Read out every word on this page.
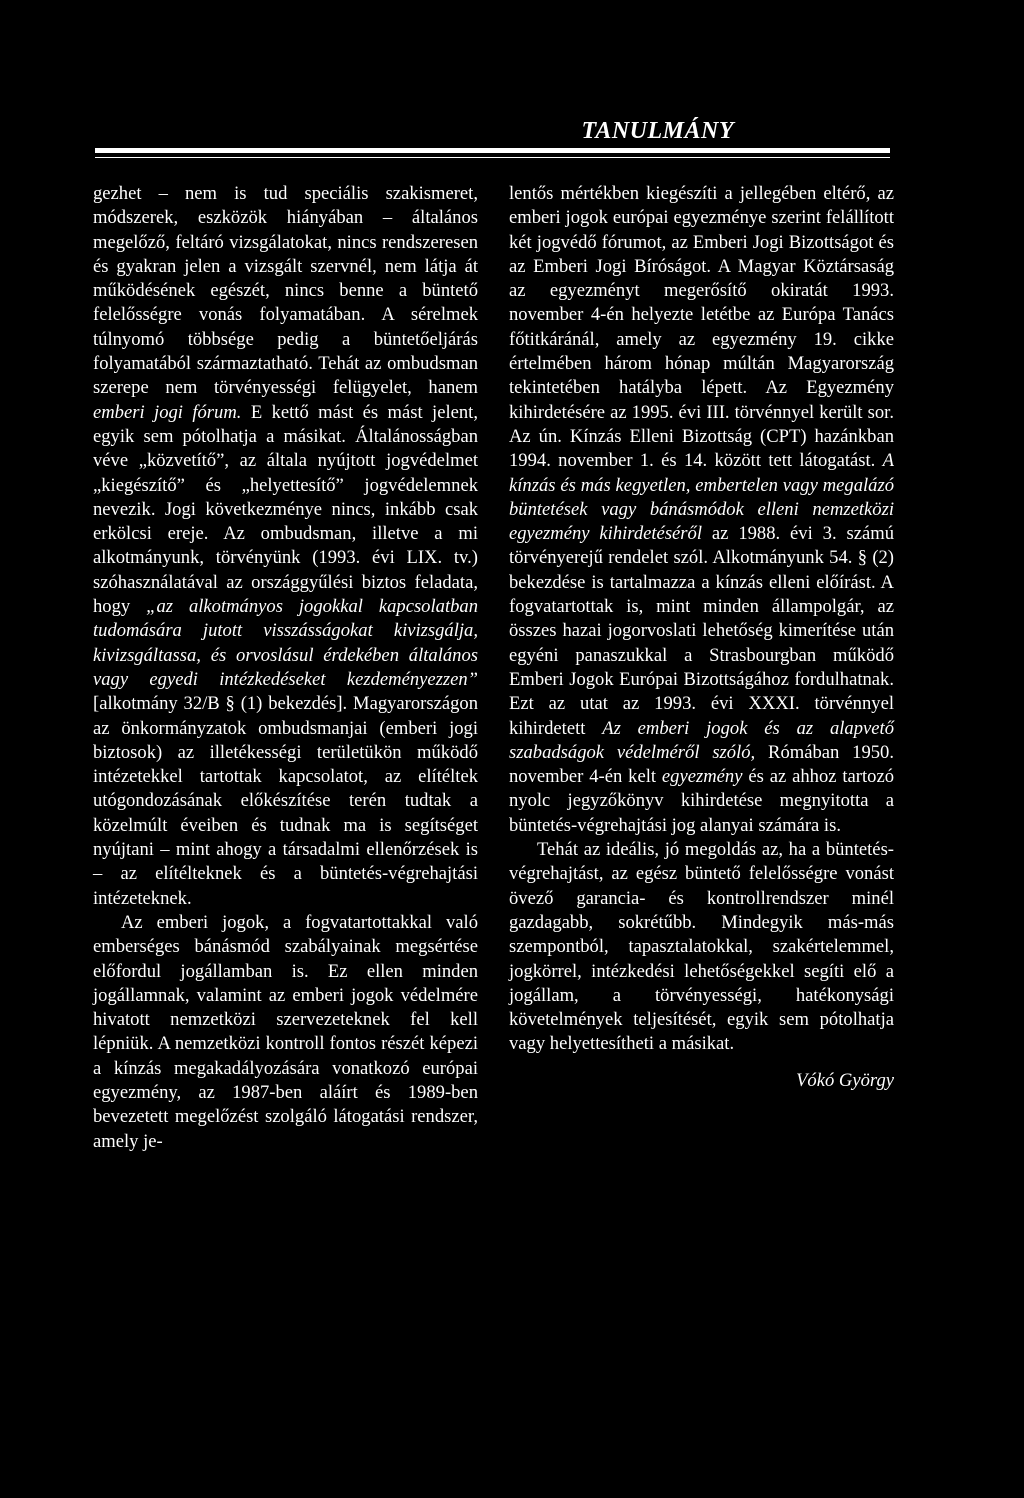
TANULMÁNY

gezhet – nem is tud speciális szakismeret, módszerek, eszközök hiányában – általános megelőző, feltáró vizsgálatokat, nincs rendszeresen és gyakran jelen a vizsgált szervnél, nem látja át működésének egészét, nincs benne a büntető felelősségre vonás folyamatában. A sérelmek túlnyomó többsége pedig a büntetőeljárás folyamatából származtatható. Tehát az ombudsman szerepe nem törvényességi felügyelet, hanem emberi jogi fórum. E kettő mást és mást jelent, egyik sem pótolhatja a másikat. Általánosságban véve „közvetítő”, az általa nyújtott jogvédelmet „kiegészítő” és „helyettesítő” jogvédelemnek nevezik. Jogi következménye nincs, inkább csak erkölcsi ereje. Az ombudsman, illetve a mi alkotmányunk, törvényünk (1993. évi LIX. tv.) szóhasználatával az országgyűlési biztos feladata, hogy „az alkotmányos jogokkal kapcsolatban tudomására jutott visszásságokat kivizsgálja, kivizsgáltassa, és orvoslásul érdekében általános vagy egyedi intézkedéseket kezdeményezzen” [alkotmány 32/B § (1) bekezdés]. Magyarországon az önkormányzatok ombudsmanjai (emberi jogi biztosok) az illetékességi területükön működő intézetekkel tartottak kapcsolatot, az elítéltek utógondozásának előkészítése terén tudtak a közelmúlt éveiben és tudnak ma is segítséget nyújtani – mint ahogy a társadalmi ellenőrzések is – az elítélteknek és a büntetés-végrehajtási intézeteknek.

Az emberi jogok, a fogvatartottakkal való emberséges bánásmód szabályainak megsértése előfordul jogállamban is. Ez ellen minden jogállamnak, valamint az emberi jogok védelmére hivatott nemzetközi szervezeteknek fel kell lépniük. A nemzetközi kontroll fontos részét képezi a kínzás megakadályozására vonatkozó európai egyezmény, az 1987-ben aláírt és 1989-ben bevezetett megelőzést szolgáló látogatási rendszer, amely je-

lentős mértékben kiegészíti a jellegében eltérő, az emberi jogok európai egyezménye szerint felállított két jogvédő fórumot, az Emberi Jogi Bizottságot és az Emberi Jogi Bíróságot. A Magyar Köztársaság az egyezményt megerősítő okiratát 1993. november 4-én helyezte letétbe az Európa Tanács főtitkáránál, amely az egyezmény 19. cikke értelmében három hónap múltán Magyarország tekintetében hatályba lépett. Az Egyezmény kihirdetésére az 1995. évi III. törvénnyel került sor. Az ún. Kínzás Elleni Bizottság (CPT) hazánkban 1994. november 1. és 14. között tett látogatást. A kínzás és más kegyetlen, embertelen vagy megalázó büntetések vagy bánásmódok elleni nemzetközi egyezmény kihirdetéséről az 1988. évi 3. számú törvényerejű rendelet szól. Alkotmányunk 54. § (2) bekezdése is tartalmazza a kínzás elleni előírást. A fogvatartottak is, mint minden állampolgár, az összes hazai jogorvoslati lehetőség kimerítése után egyéni panaszukkal a Strasbourgban működő Emberi Jogok Európai Bizottságához fordulhatnak. Ezt az utat az 1993. évi XXXI. törvénnyel kihirdetett Az emberi jogok és az alapvető szabadságok védelméről szóló, Rómában 1950. november 4-én kelt egyezmény és az ahhoz tartozó nyolc jegyzőkönyv kihirdetése megnyitotta a büntetés-végrehajtási jog alanyai számára is.

Tehát az ideális, jó megoldás az, ha a büntetés-végrehajtást, az egész büntető felelősségre vonást övező garancia- és kontrollrendszer minél gazdagabb, sokrétűbb. Mindegyik más-más szempontból, tapasztalatokkal, szakértelemmel, jogkörrel, intézkedési lehetőségekkel segíti elő a jogállam, a törvényességi, hatékonysági követelmények teljesítését, egyik sem pótolhatja vagy helyettesítheti a másikat.

Vókó György
